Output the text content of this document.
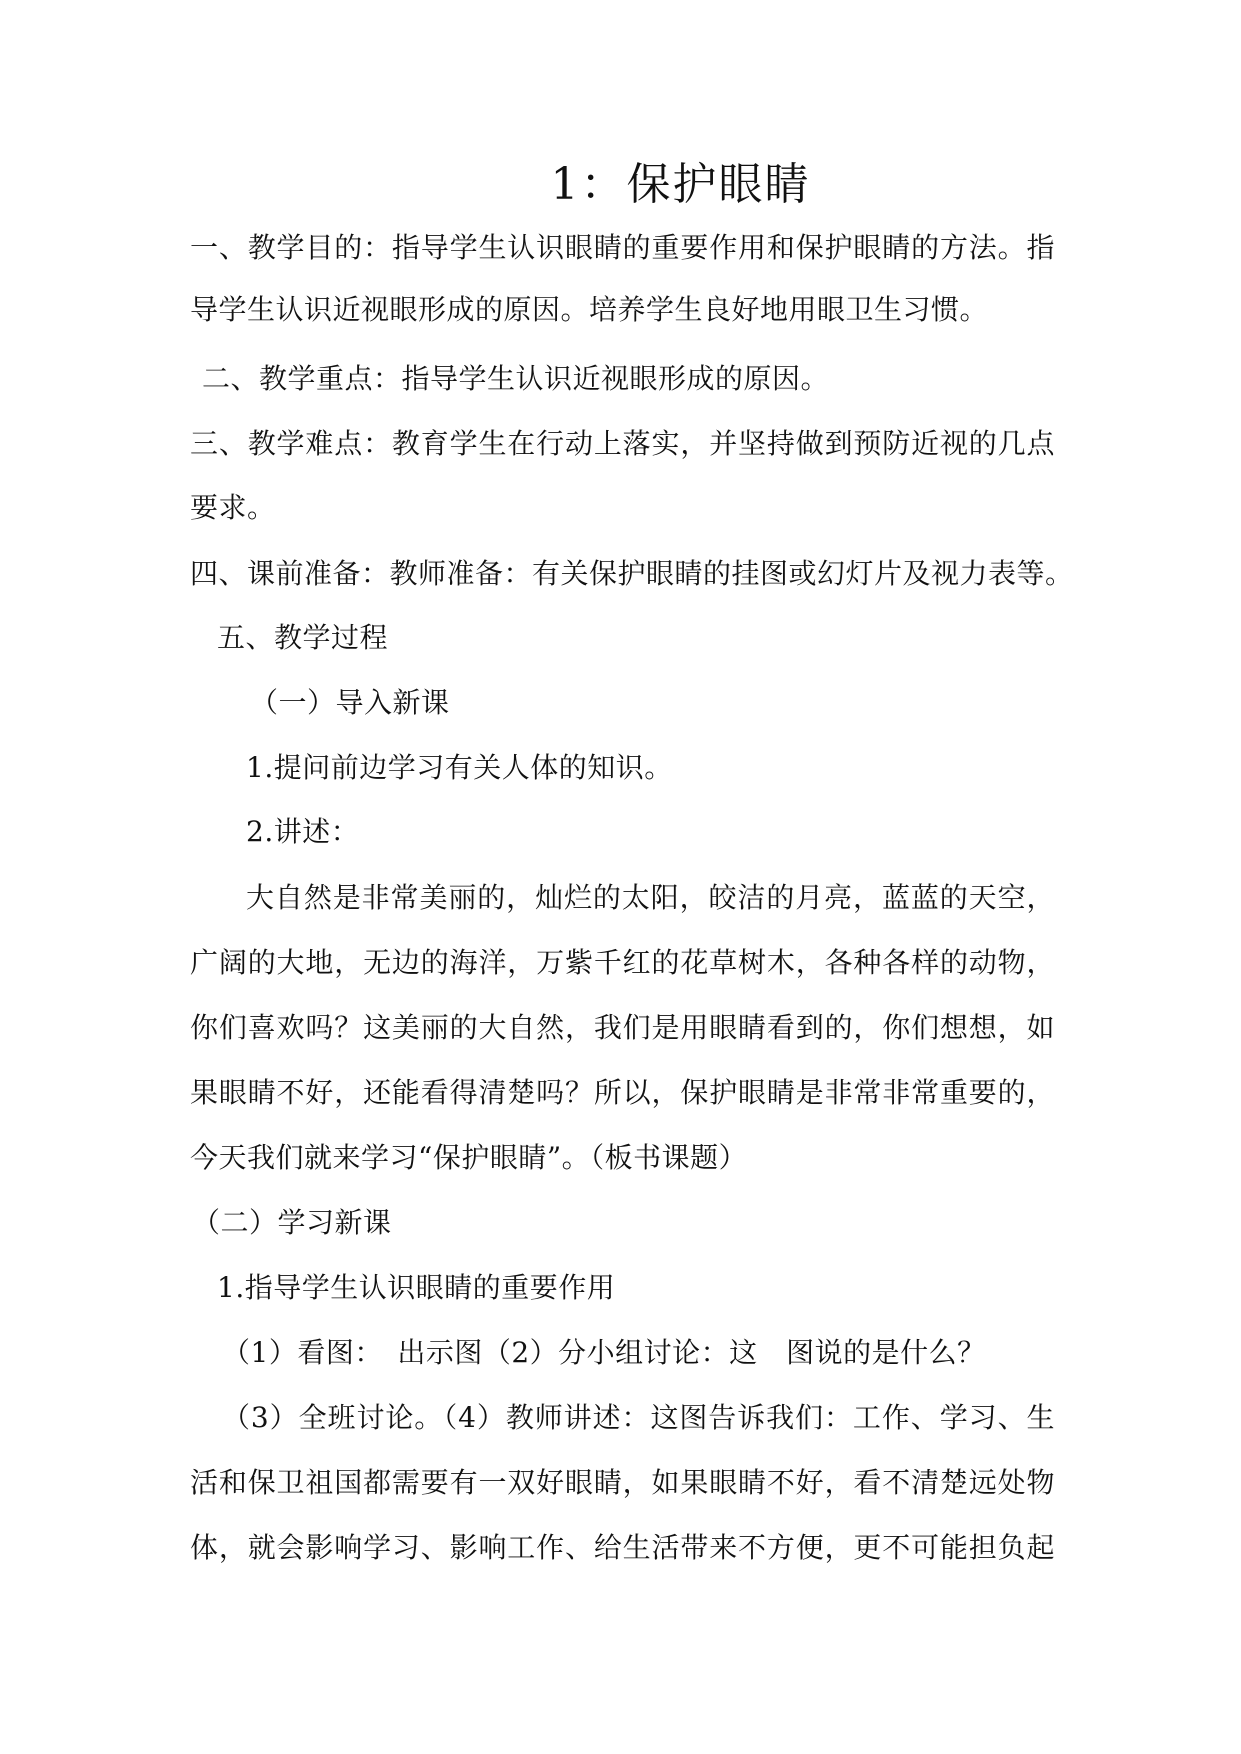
1：保护眼睛
一、教学目的：指导学生认识眼睛的重要作用和保护眼睛的方法。指
导学生认识近视眼形成的原因。培养学生良好地用眼卫生习惯。
二、教学重点：指导学生认识近视眼形成的原因。
三、教学难点：教育学生在行动上落实，并坚持做到预防近视的几点
要求。
四、课前准备：教师准备：有关保护眼睛的挂图或幻灯片及视力表等。
五、教学过程
（一）导入新课
1.提问前边学习有关人体的知识。
2.讲述：
大自然是非常美丽的，灿烂的太阳，皎洁的月亮，蓝蓝的天空，
广阔的大地，无边的海洋，万紫千红的花草树木，各种各样的动物，
你们喜欢吗？这美丽的大自然，我们是用眼睛看到的，你们想想，如
果眼睛不好，还能看得清楚吗？所以，保护眼睛是非常非常重要的，
今天我们就来学习“保护眼睛”。（板书课题）
（二）学习新课
1.指导学生认识眼睛的重要作用
（1）看图：　出示图（2）分小组讨论：这　图说的是什么？
（3）全班讨论。（4）教师讲述：这图告诉我们：工作、学习、生
活和保卫祖国都需要有一双好眼睛，如果眼睛不好，看不清楚远处物
体，就会影响学习、影响工作、给生活带来不方便，更不可能担负起
